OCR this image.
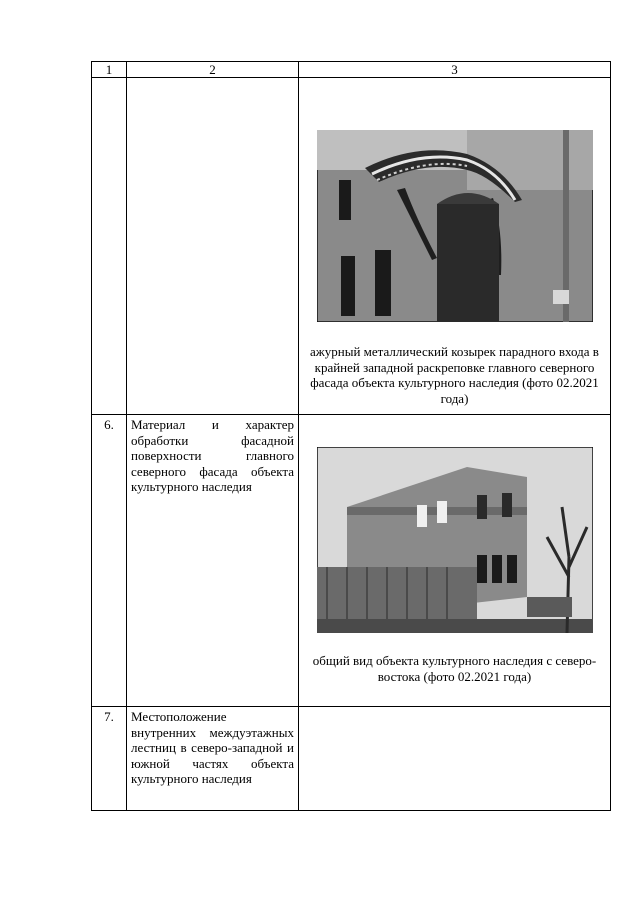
1	2	3

		ажурный металлический козырек парадного входа в крайней западной раскреповке главного северного фасада объекта культурного наследия (фото 02.2021 года)

6.	Материал и характер обработки фасадной поверхности главного северного фасада объекта культурного наследия	общий вид объекта культурного наследия с северо-востока (фото 02.2021 года)

7.	Местоположение внутренних междуэтажных лестниц в северо-западной и южной частях объекта культурного наследия	
